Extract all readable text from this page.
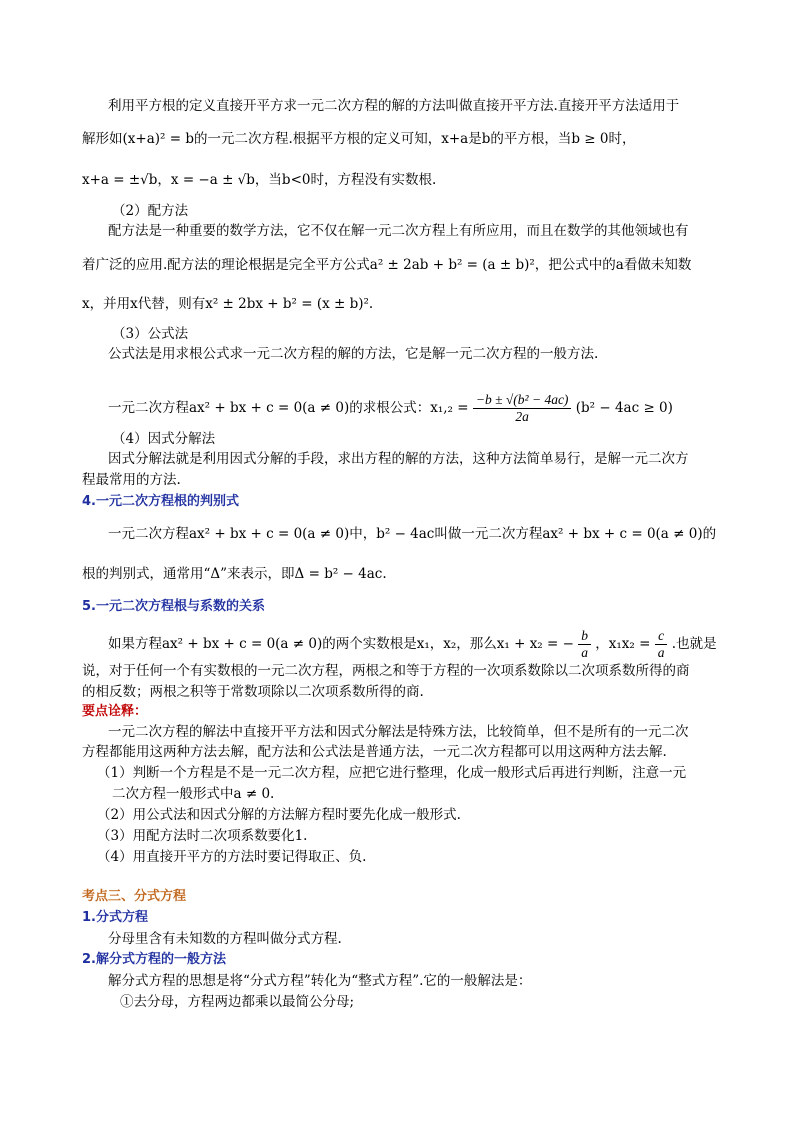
利用平方根的定义直接开平方求一元二次方程的解的方法叫做直接开平方法.直接开平方法适用于
解形如(x+a)² = b的一元二次方程.根据平方根的定义可知，x+a是b的平方根，当b ≥ 0时，
x+a = ±√b，x = −a ± √b，当b<0时，方程没有实数根.
（2）配方法
配方法是一种重要的数学方法，它不仅在解一元二次方程上有所应用，而且在数学的其他领域也有
着广泛的应用.配方法的理论根据是完全平方公式a² ± 2ab + b² = (a ± b)²，把公式中的a看做未知数
x，并用x代替，则有x² ± 2bx + b² = (x ± b)².
（3）公式法
公式法是用求根公式求一元二次方程的解的方法，它是解一元二次方程的一般方法.
一元二次方程ax² + bx + c = 0(a ≠ 0)的求根公式：$x_1,_2 = \frac{\text{−b ± √(b² − 4ac)}}{2a} (b^2 - 4ac \ge 0)$
（4）因式分解法
因式分解法就是利用因式分解的手段，求出方程的解的方法，这种方法简单易行，是解一元二次方
程最常用的方法.
4.一元二次方程根的判别式
一元二次方程ax² + bx + c = 0(a ≠ 0)中，b² − 4ac叫做一元二次方程ax² + bx + c = 0(a ≠ 0)的
根的判别式，通常用“Δ”来表示，即Δ = b² − 4ac.
5.一元二次方程根与系数的关系
如果方程ax² + bx + c = 0(a ≠ 0)的两个实数根是x₁，x₂，那么x₁ + x₂ = − $\frac{b}{a}$ ，$x_1x_2 = \frac{c}{a}$ .也就是
说，对于任何一个有实数根的一元二次方程，两根之和等于方程的一次项系数除以二次项系数所得的商
的相反数；两根之积等于常数项除以二次项系数所得的商.
要点诠释：
一元二次方程的解法中直接开平方法和因式分解法是特殊方法，比较简单，但不是所有的一元二次
方程都能用这两种方法去解，配方法和公式法是普通方法，一元二次方程都可以用这两种方法去解.
（1）判断一个方程是不是一元二次方程，应把它进行整理，化成一般形式后再进行判断，注意一元
二次方程一般形式中a ≠ 0.
（2）用公式法和因式分解的方法解方程时要先化成一般形式.
（3）用配方法时二次项系数要化1.
（4）用直接开平方的方法时要记得取正、负.
考点三、分式方程
1.分式方程
分母里含有未知数的方程叫做分式方程.
2.解分式方程的一般方法
解分式方程的思想是将“分式方程”转化为“整式方程”.它的一般解法是：
①去分母，方程两边都乘以最简公分母;
